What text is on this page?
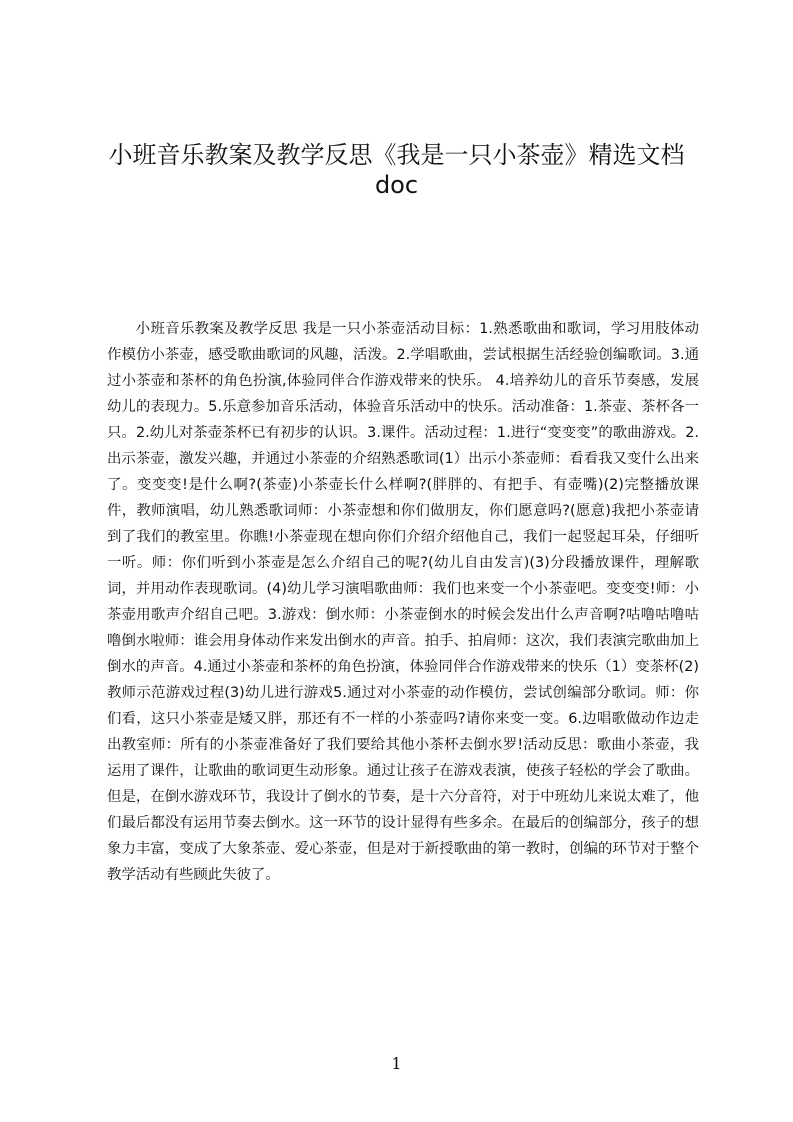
小班音乐教案及教学反思《我是一只小茶壶》精选文档
doc

小班音乐教案及教学反思 我是一只小茶壶活动目标：1.熟悉歌曲和歌词，学习用肢体动作模仿小茶壶，感受歌曲歌词的风趣，活泼。2.学唱歌曲，尝试根据生活经验创编歌词。3.通过小茶壶和茶杯的角色扮演,体验同伴合作游戏带来的快乐。 4.培养幼儿的音乐节奏感，发展幼儿的表现力。5.乐意参加音乐活动，体验音乐活动中的快乐。活动准备：1.茶壶、茶杯各一只。2.幼儿对茶壶茶杯已有初步的认识。3.课件。活动过程：1.进行“变变变”的歌曲游戏。2.出示茶壶，激发兴趣，并通过小茶壶的介绍熟悉歌词(1）出示小茶壶师：看看我又变什么出来了。变变变!是什么啊?(茶壶)小茶壶长什么样啊?(胖胖的、有把手、有壶嘴)(2)完整播放课件，教师演唱，幼儿熟悉歌词师：小茶壶想和你们做朋友，你们愿意吗?(愿意)我把小茶壶请到了我们的教室里。你瞧!小茶壶现在想向你们介绍介绍他自己，我们一起竖起耳朵，仔细听一听。师：你们听到小茶壶是怎么介绍自己的呢?(幼儿自由发言)(3)分段播放课件，理解歌词，并用动作表现歌词。(4)幼儿学习演唱歌曲师：我们也来变一个小茶壶吧。变变变!师：小茶壶用歌声介绍自己吧。3.游戏：倒水师：小茶壶倒水的时候会发出什么声音啊?咕噜咕噜咕噜倒水啦师：谁会用身体动作来发出倒水的声音。拍手、拍肩师：这次，我们表演完歌曲加上倒水的声音。4.通过小茶壶和茶杯的角色扮演，体验同伴合作游戏带来的快乐（1）变茶杯(2)教师示范游戏过程(3)幼儿进行游戏5.通过对小茶壶的动作模仿，尝试创编部分歌词。师：你们看，这只小茶壶是矮又胖，那还有不一样的小茶壶吗?请你来变一变。6.边唱歌做动作边走出教室师：所有的小茶壶准备好了我们要给其他小茶杯去倒水罗!活动反思：歌曲小茶壶，我运用了课件，让歌曲的歌词更生动形象。通过让孩子在游戏表演，使孩子轻松的学会了歌曲。但是，在倒水游戏环节，我设计了倒水的节奏，是十六分音符，对于中班幼儿来说太难了，他们最后都没有运用节奏去倒水。这一环节的设计显得有些多余。在最后的创编部分，孩子的想象力丰富，变成了大象茶壶、爱心茶壶，但是对于新授歌曲的第一教时，创编的环节对于整个教学活动有些顾此失彼了。

1
